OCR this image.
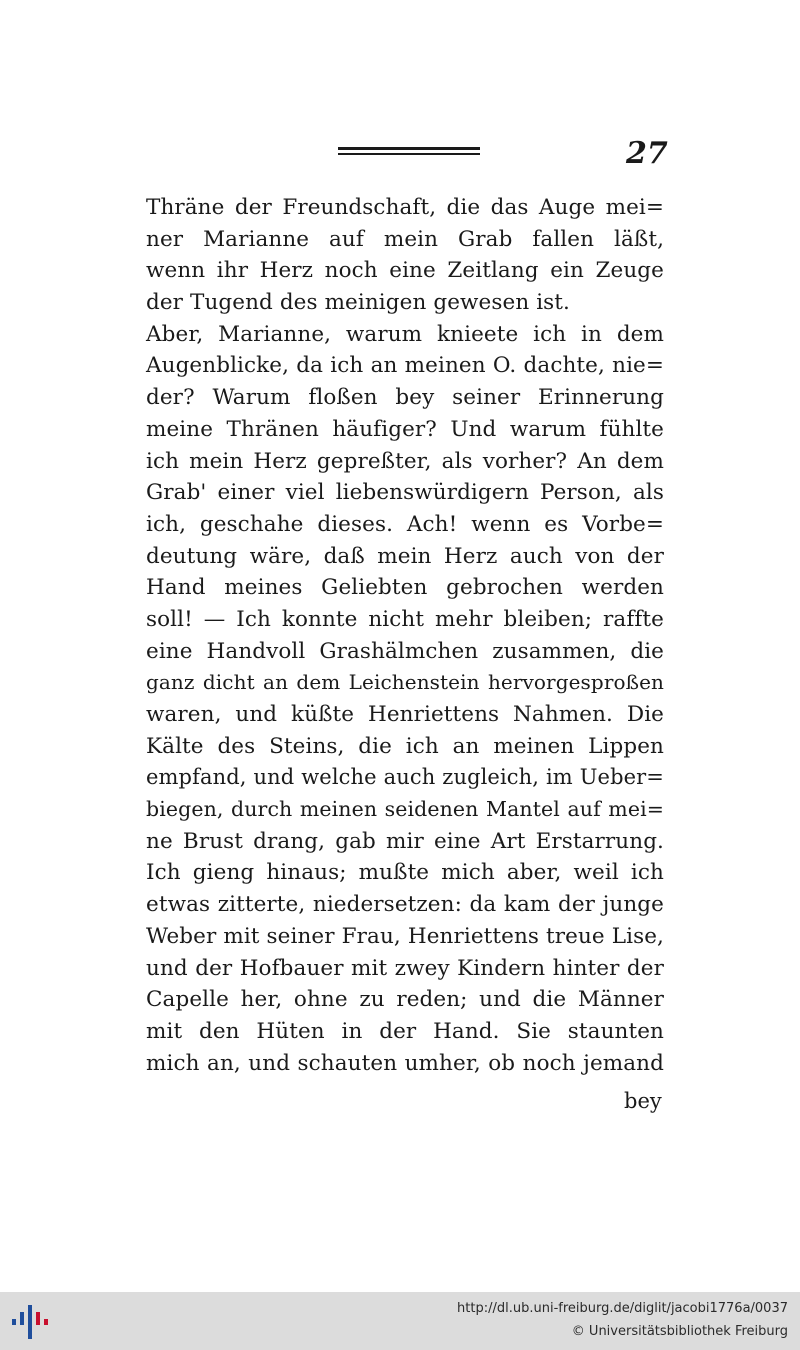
27
Thräne der Freundschaft, die das Auge mei=
ner Marianne auf mein Grab fallen läßt,
wenn ihr Herz noch eine Zeitlang ein Zeuge
der Tugend des meinigen gewesen ist.
Aber, Marianne, warum knieete ich in dem
Augenblicke, da ich an meinen O. dachte, nie=
der? Warum floßen bey seiner Erinnerung
meine Thränen häufiger? Und warum fühlte
ich mein Herz gepreßter, als vorher? An dem
Grab' einer viel liebenswürdigern Person, als
ich, geschahe dieses. Ach! wenn es Vorbe=
deutung wäre, daß mein Herz auch von der
Hand meines Geliebten gebrochen werden
soll! — Ich konnte nicht mehr bleiben; raffte
eine Handvoll Grashälmchen zusammen, die
ganz dicht an dem Leichenstein hervorgesproßen
waren, und küßte Henriettens Nahmen. Die
Kälte des Steins, die ich an meinen Lippen
empfand, und welche auch zugleich, im Ueber=
biegen, durch meinen seidenen Mantel auf mei=
ne Brust drang, gab mir eine Art Erstarrung.
Ich gieng hinaus; mußte mich aber, weil ich
etwas zitterte, niedersetzen: da kam der junge
Weber mit seiner Frau, Henriettens treue Lise,
und der Hofbauer mit zwey Kindern hinter der
Capelle her, ohne zu reden; und die Männer
mit den Hüten in der Hand. Sie staunten
mich an, und schauten umher, ob noch jemand
bey
http://dl.ub.uni-freiburg.de/diglit/jacobi1776a/0037
© Universitätsbibliothek Freiburg
